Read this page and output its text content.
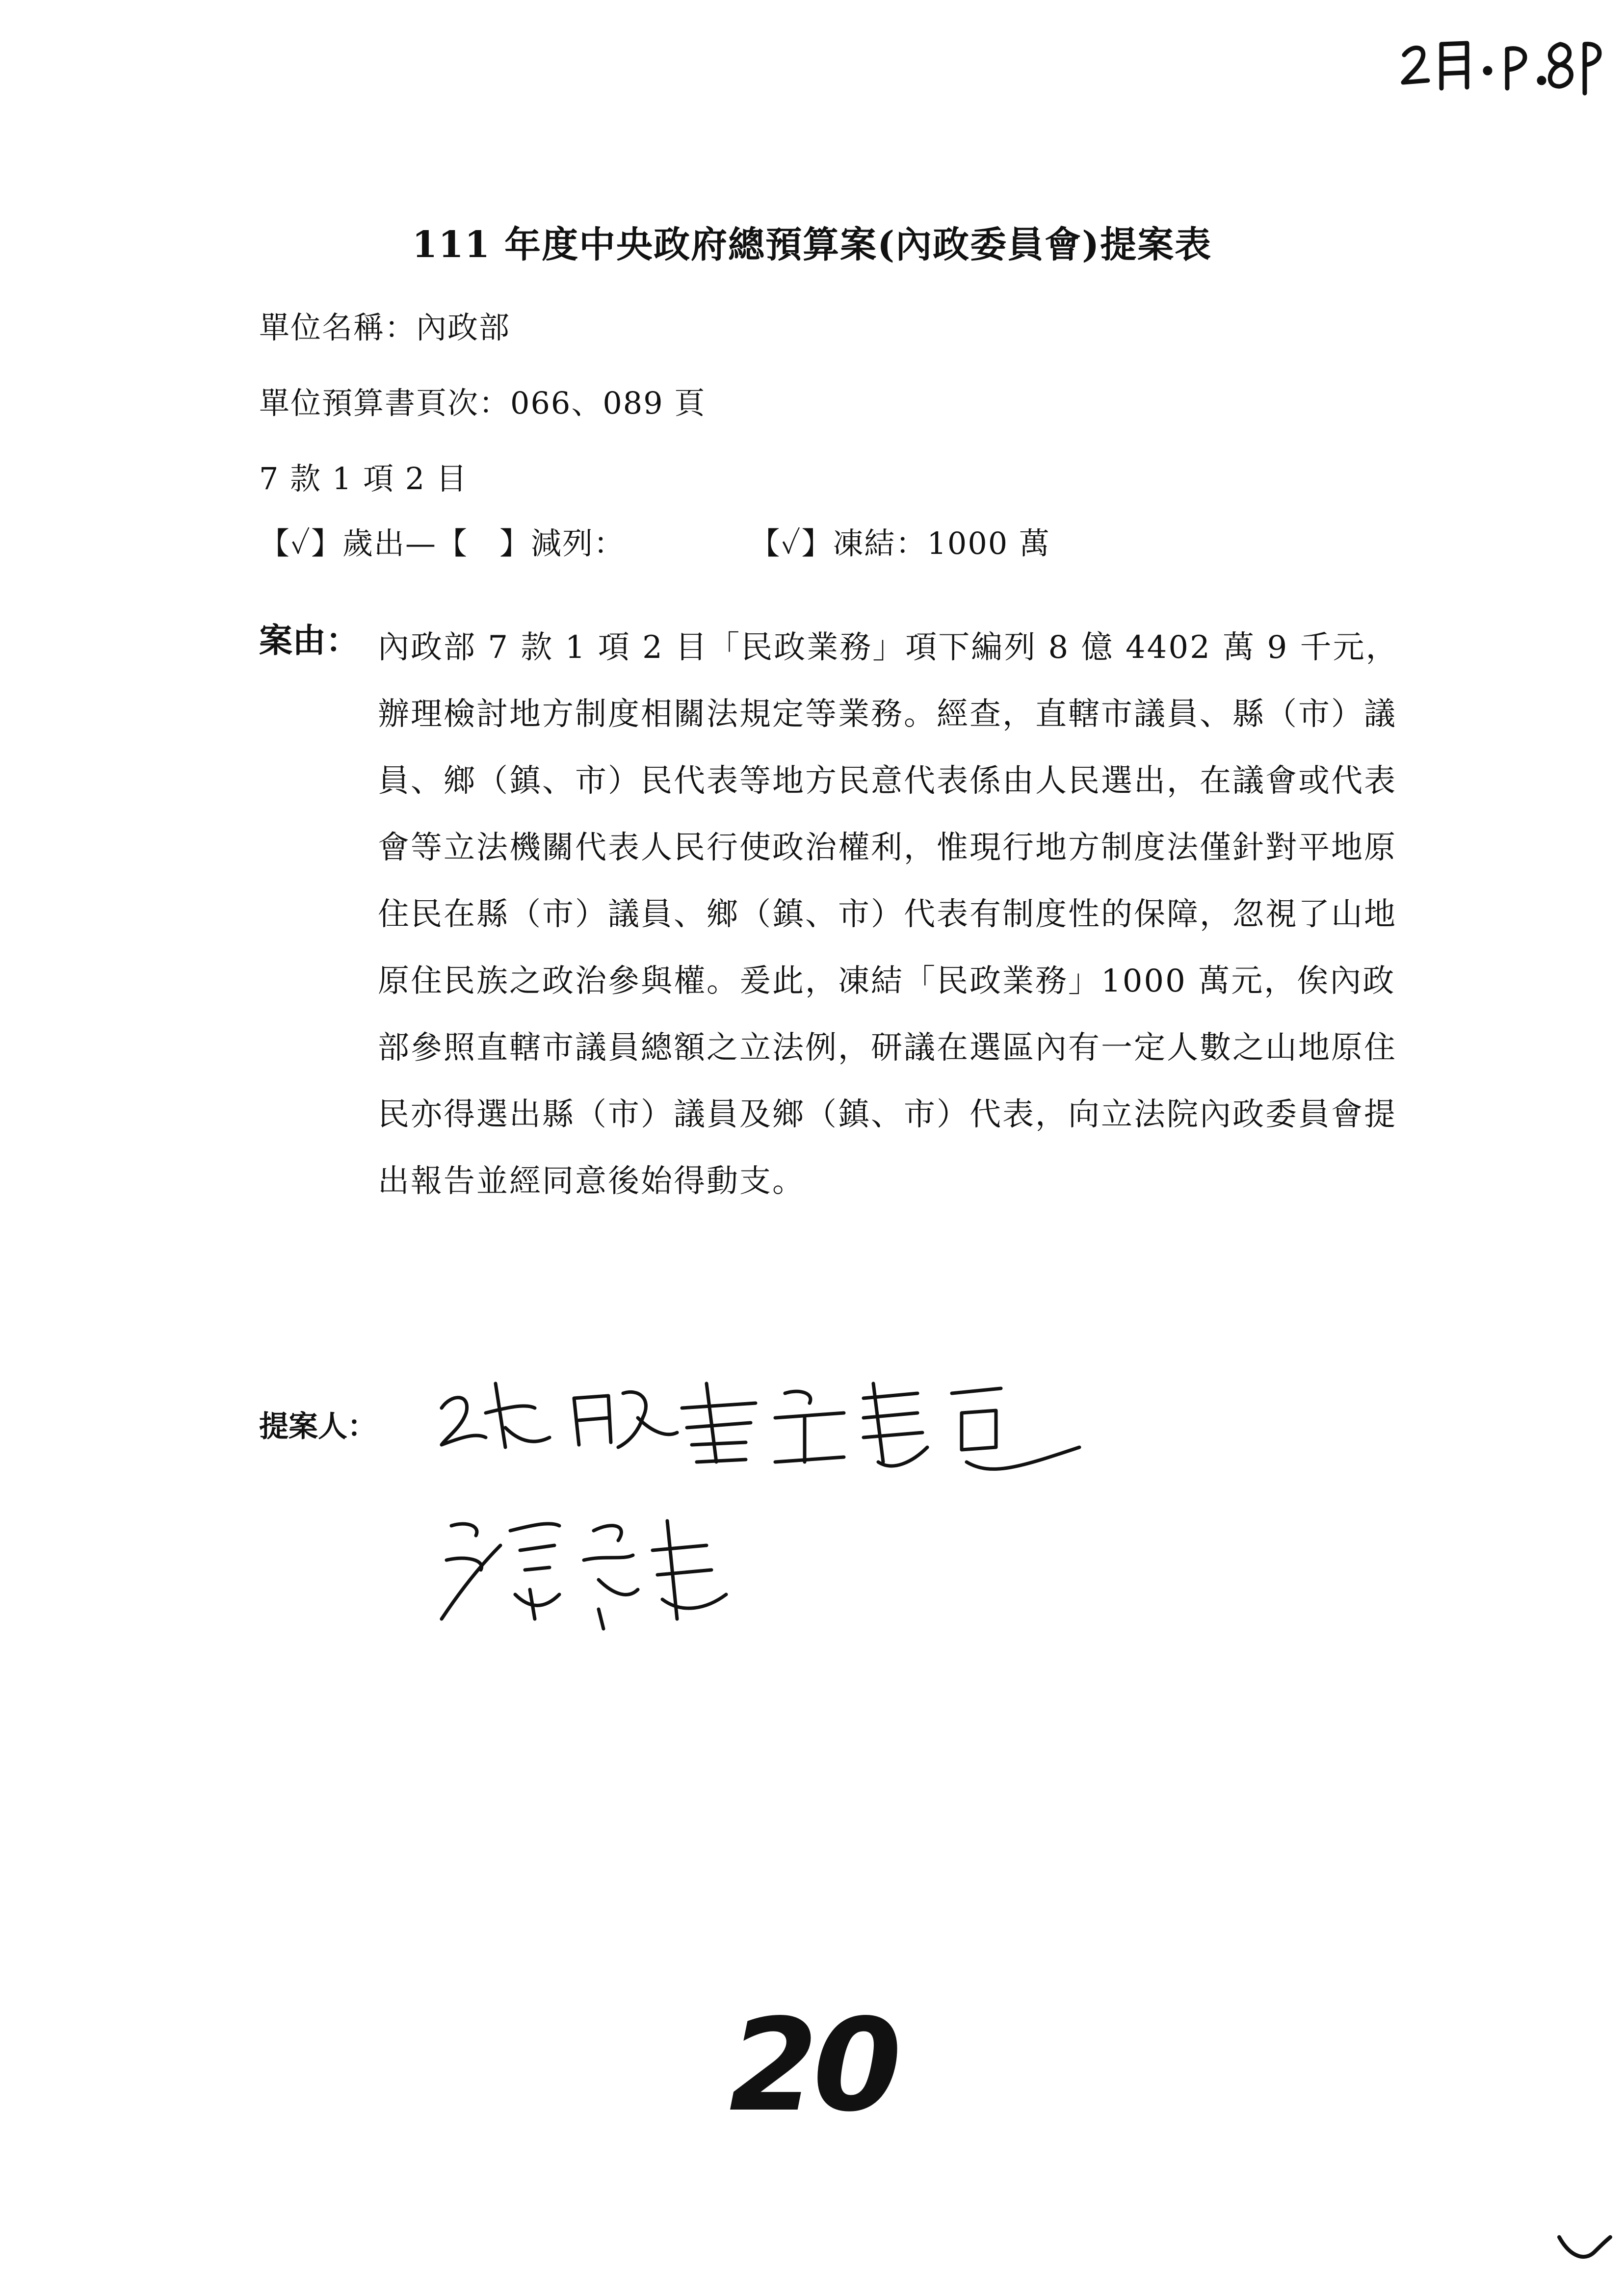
111 年度中央政府總預算案(內政委員會)提案表
單位名稱：內政部
單位預算書頁次：066、089 頁
7 款 1 項 2 目
【✓】歲出—【　】減列：	【✓】凍結：1000 萬
案由： 內政部 7 款 1 項 2 目「民政業務」項下編列 8 億 4402 萬 9 千元，辦理檢討地方制度相關法規定等業務。經查，直轄市議員、縣（市）議員、鄉（鎮、市）民代表等地方民意代表係由人民選出，在議會或代表會等立法機關代表人民行使政治權利，惟現行地方制度法僅針對平地原住民在縣（市）議員、鄉（鎮、市）代表有制度性的保障，忽視了山地原住民族之政治參與權。爰此，凍結「民政業務」1000 萬元，俟內政部參照直轄市議員總額之立法例，研議在選區內有一定人數之山地原住民亦得選出縣（市）議員及鄉（鎮、市）代表，向立法院內政委員會提出報告並經同意後始得動支。
提案人：
20
